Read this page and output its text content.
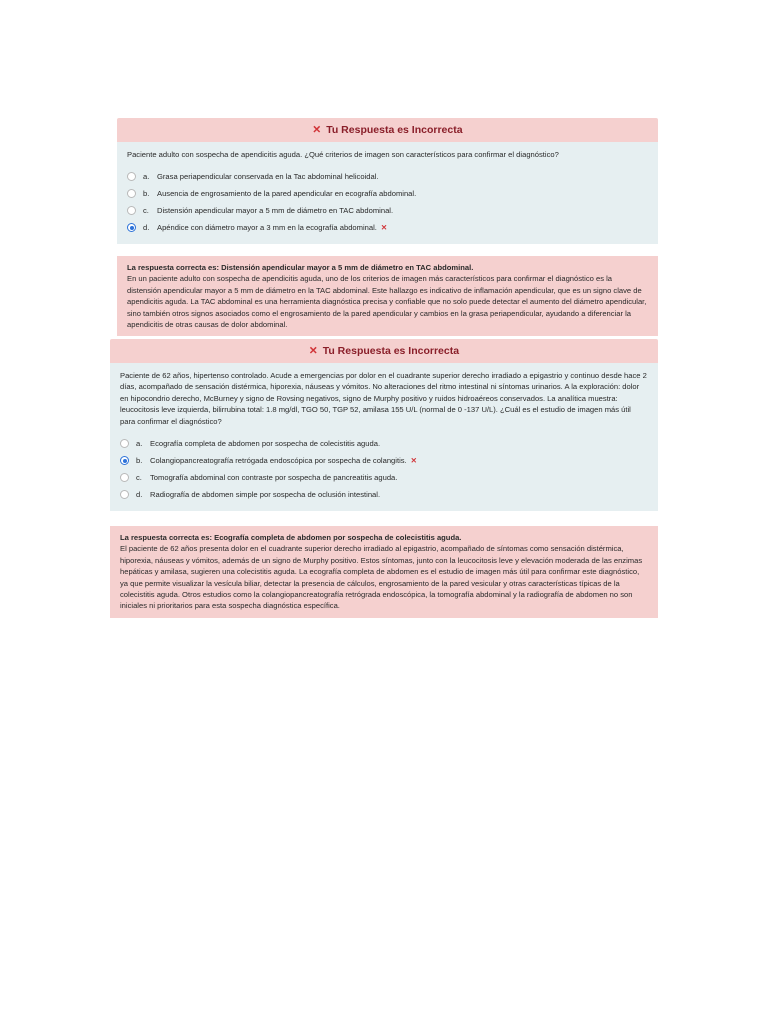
✕ Tu Respuesta es Incorrecta

Paciente adulto con sospecha de apendicitis aguda. ¿Qué criterios de imagen son característicos para confirmar el diagnóstico?

a.	Grasa periapendicular conservada en la Tac abdominal helicoidal.
b.	Ausencia de engrosamiento de la pared apendicular en ecografía abdominal.
c.	Distensión apendicular mayor a 5 mm de diámetro en TAC abdominal.
d.	Apéndice con diámetro mayor a 3 mm en la ecografía abdominal. ✕
La respuesta correcta es: Distensión apendicular mayor a 5 mm de diámetro en TAC abdominal.
En un paciente adulto con sospecha de apendicitis aguda, uno de los criterios de imagen más característicos para confirmar el diagnóstico es la distensión apendicular mayor a 5 mm de diámetro en la TAC abdominal. Este hallazgo es indicativo de inflamación apendicular, que es un signo clave de apendicitis aguda. La TAC abdominal es una herramienta diagnóstica precisa y confiable que no solo puede detectar el aumento del diámetro apendicular, sino también otros signos asociados como el engrosamiento de la pared apendicular y cambios en la grasa periapendicular, ayudando a diferenciar la apendicitis de otras causas de dolor abdominal.
✕ Tu Respuesta es Incorrecta

Paciente de 62 años, hipertenso controlado. Acude a emergencias por dolor en el cuadrante superior derecho irradiado a epigastrio y continuo desde hace 2 días, acompañado de sensación distérmica, hiporexia, náuseas y vómitos. No alteraciones del ritmo intestinal ni síntomas urinarios. A la exploración: dolor en hipocondrio derecho, McBurney y signo de Rovsing negativos, signo de Murphy positivo y ruidos hidroaéreos conservados. La analítica muestra: leucocitosis leve izquierda, bilirrubina total: 1.8 mg/dl, TGO 50, TGP 52, amilasa 155 U/L (normal de 0 -137 U/L). ¿Cuál es el estudio de imagen más útil para confirmar el diagnóstico?

a.	Ecografía completa de abdomen por sospecha de colecistitis aguda.
b.	Colangiopancreatografía retrógada endoscópica por sospecha de colangitis. ✕
c.	Tomografía abdominal con contraste por sospecha de pancreatitis aguda.
d.	Radiografía de abdomen simple por sospecha de oclusión intestinal.
La respuesta correcta es: Ecografía completa de abdomen por sospecha de colecistitis aguda.
El paciente de 62 años presenta dolor en el cuadrante superior derecho irradiado al epigastrio, acompañado de síntomas como sensación distérmica, hiporexia, náuseas y vómitos, además de un signo de Murphy positivo. Estos síntomas, junto con la leucocitosis leve y elevación moderada de las enzimas hepáticas y amilasa, sugieren una colecistitis aguda. La ecografía completa de abdomen es el estudio de imagen más útil para confirmar este diagnóstico, ya que permite visualizar la vesícula biliar, detectar la presencia de cálculos, engrosamiento de la pared vesicular y otras características típicas de la colecistitis aguda. Otros estudios como la colangiopancreatografía retrógrada endoscópica, la tomografía abdominal y la radiografía de abdomen no son iniciales ni prioritarios para esta sospecha diagnóstica específica.
